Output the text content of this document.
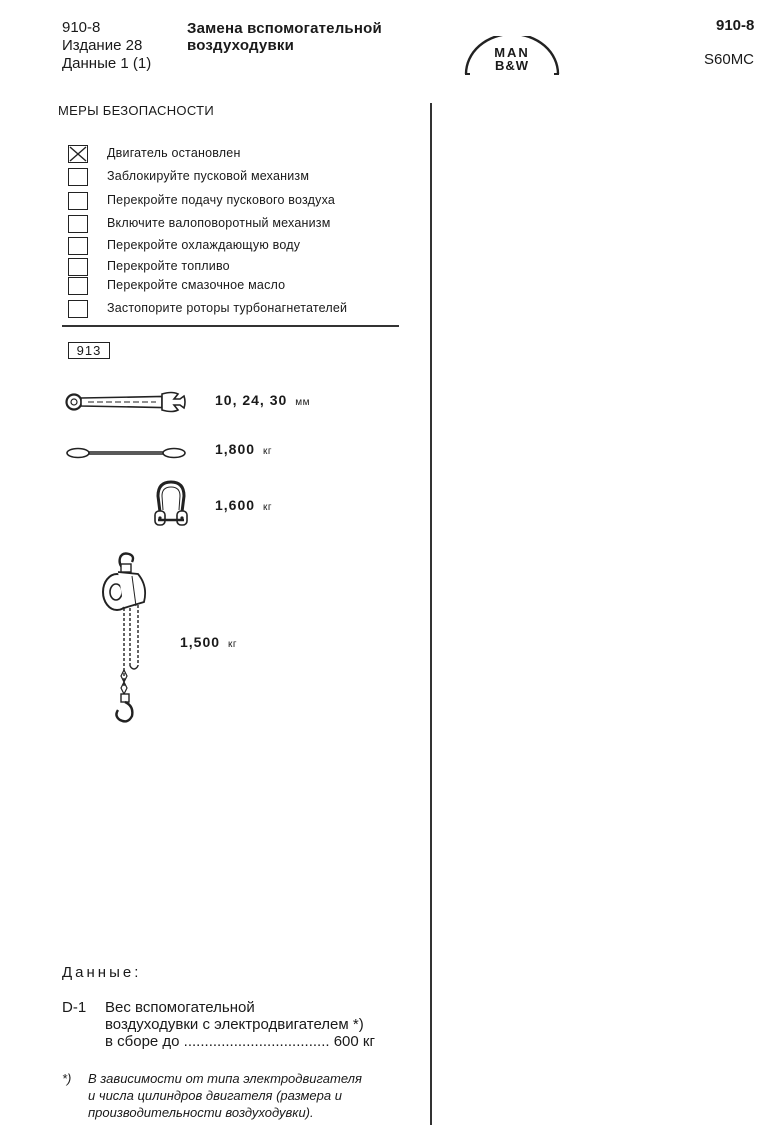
910-8
Издание 28
Данные 1 (1)
Замена вспомогательной
воздуходувки	MAN
B&W
910-8
S60MC
МЕРЫ БЕЗОПАСНОСТИ
Двигатель остановлен
Заблокируйте пусковой механизм
Перекройте подачу пускового воздуха
Включите валоповоротный механизм
Перекройте охлаждающую воду
Перекройте топливо
Перекройте смазочное масло
Застопорите роторы турбонагнетателей
913
10, 24, 30 мм
1,800 кг
1,600 кг
1,500 кг
Данные:
D-1 Вес вспомогательной
воздуходувки с электродвигателем *)
в сборе до ................................... 600 кг
*) В зависимости от типа электродвигателя
и числа цилиндров двигателя (размера и
производительности воздуходувки).
